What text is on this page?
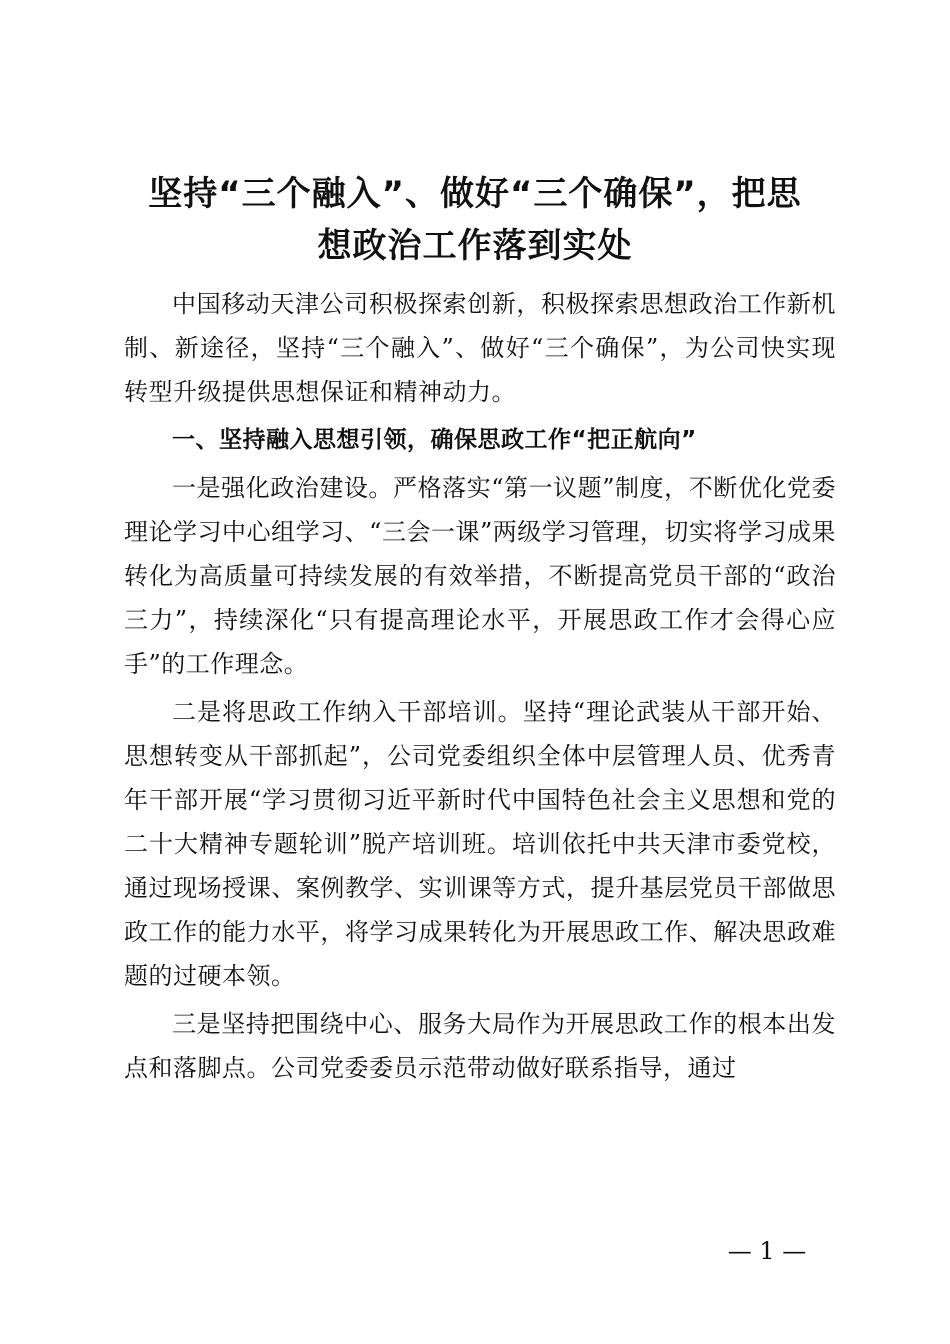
坚持“三个融入”、做好“三个确保”，把思
想政治工作落到实处

中国移动天津公司积极探索创新，积极探索思想政治工作新机制、新途径，坚持“三个融入”、做好“三个确保”，为公司快实现转型升级提供思想保证和精神动力。

一、坚持融入思想引领，确保思政工作“把正航向”

一是强化政治建设。严格落实“第一议题”制度，不断优化党委理论学习中心组学习、“三会一课”两级学习管理，切实将学习成果转化为高质量可持续发展的有效举措，不断提高党员干部的“政治三力”，持续深化“只有提高理论水平，开展思政工作才会得心应手”的工作理念。

二是将思政工作纳入干部培训。坚持“理论武装从干部开始、思想转变从干部抓起”，公司党委组织全体中层管理人员、优秀青年干部开展“学习贯彻习近平新时代中国特色社会主义思想和党的二十大精神专题轮训”脱产培训班。培训依托中共天津市委党校，通过现场授课、案例教学、实训课等方式，提升基层党员干部做思政工作的能力水平，将学习成果转化为开展思政工作、解决思政难题的过硬本领。

三是坚持把围绕中心、服务大局作为开展思政工作的根本出发点和落脚点。公司党委委员示范带动做好联系指导，通过

— 1 —
